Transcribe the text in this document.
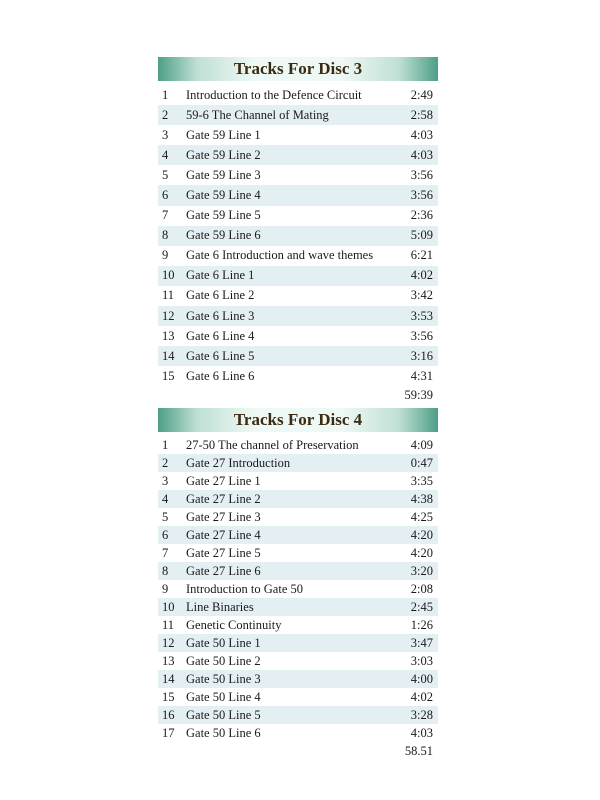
Tracks For Disc 3
1	Introduction to the Defence Circuit	2:49
2	59-6 The Channel of Mating	2:58
3	Gate 59 Line 1	4:03
4	Gate 59 Line 2	4:03
5	Gate 59 Line 3	3:56
6	Gate 59 Line 4	3:56
7	Gate 59 Line 5	2:36
8	Gate 59 Line 6	5:09
9	Gate 6 Introduction and wave themes	6:21
10 Gate 6 Line 1	4:02
11 Gate 6 Line 2	3:42
12 Gate 6 Line 3	3:53
13 Gate 6 Line 4	3:56
14 Gate 6 Line 5	3:16
15 Gate 6 Line 6	4:31
59:39
Tracks For Disc 4
1	27-50 The channel of Preservation	4:09
2	Gate 27 Introduction	0:47
3	Gate 27 Line 1	3:35
4	Gate 27 Line 2	4:38
5	Gate 27 Line 3	4:25
6	Gate 27 Line 4	4:20
7	Gate 27 Line 5	4:20
8	Gate 27 Line 6	3:20
9	Introduction to Gate 50	2:08
10 Line Binaries	2:45
11 Genetic Continuity	1:26
12 Gate 50 Line 1	3:47
13 Gate 50 Line 2	3:03
14 Gate 50 Line 3	4:00
15 Gate 50 Line 4	4:02
16 Gate 50 Line 5	3:28
17 Gate 50 Line 6	4:03
58.51
